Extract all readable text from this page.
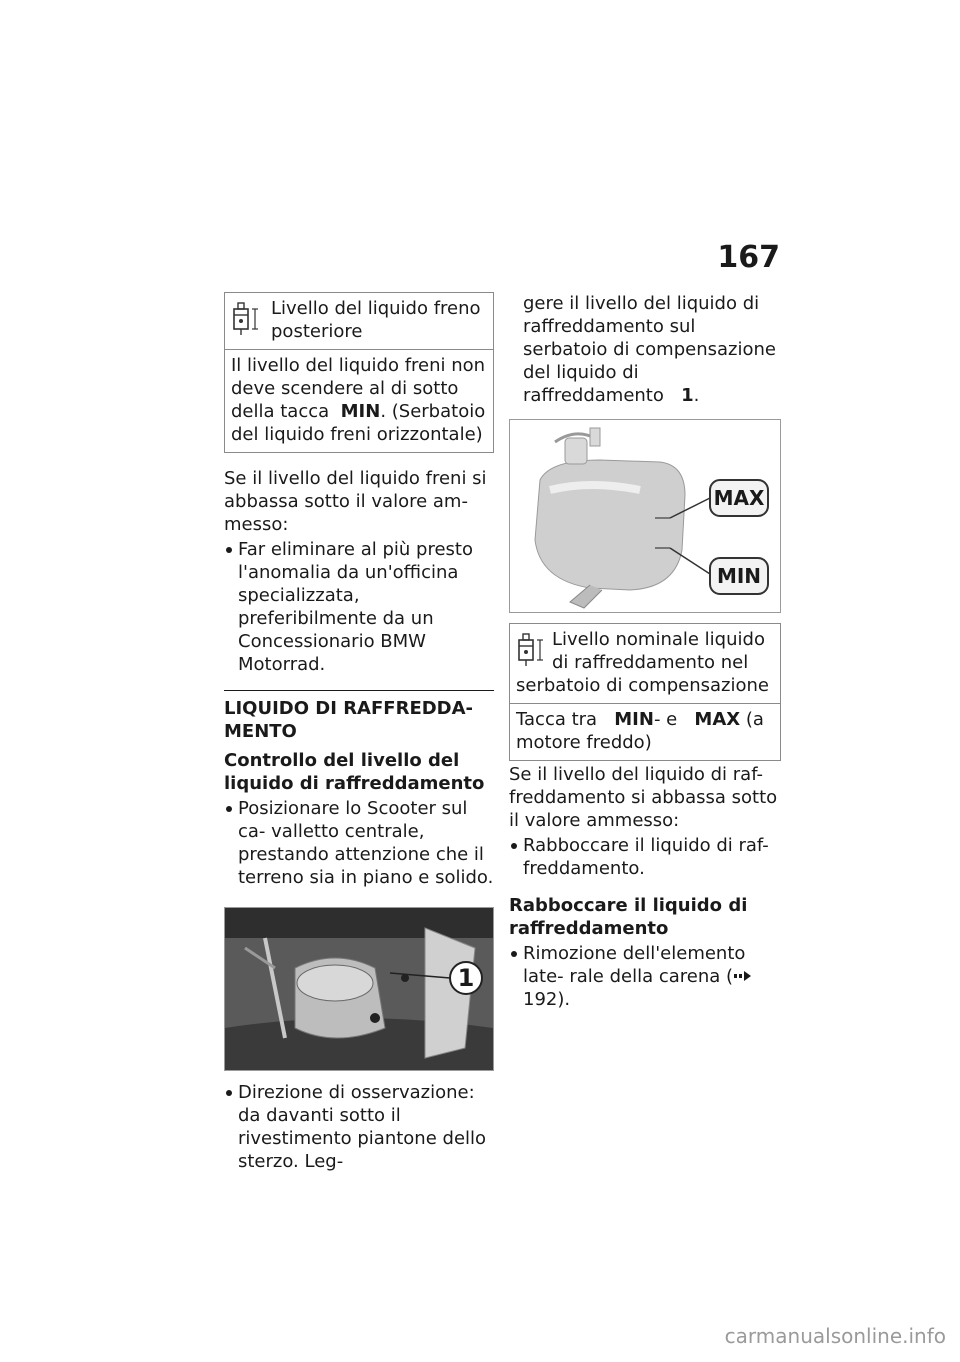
167
Livello del liquido freno posteriore
Il livello del liquido freni non deve scendere al di sotto della tacca MIN. (Serbatoio del liquido freni orizzontale)

Se il livello del liquido freni si abbassa sotto il valore am- messo:

Far eliminare al più presto l'anomalia da un'officina specializzata, preferibilmente da un Concessionario BMW Motorrad.
LIQUIDO DI RAFFREDDA- MENTO

Controllo del livello del liquido di raffreddamento

Posizionare lo Scooter sul ca- valletto centrale, prestando attenzione che il terreno sia in piano e solido.
1
Direzione di osservazione: da davanti sotto il rivestimento piantone dello sterzo. Leg-
gere il livello del liquido di raffreddamento sul serbatoio di compensazione del liquido di raffreddamento 1.
MAX
MIN
Livello nominale liquido di raffreddamento nel serbatoio di compensazione
Tacca tra MIN- e MAX (a motore freddo)

Se il livello del liquido di raf- freddamento si abbassa sotto il valore ammesso:

Rabboccare il liquido di raf- freddamento.

Rabboccare il liquido di raffreddamento

Rimozione dell'elemento late- rale della carena ( 192).
carmanualsonline.info
